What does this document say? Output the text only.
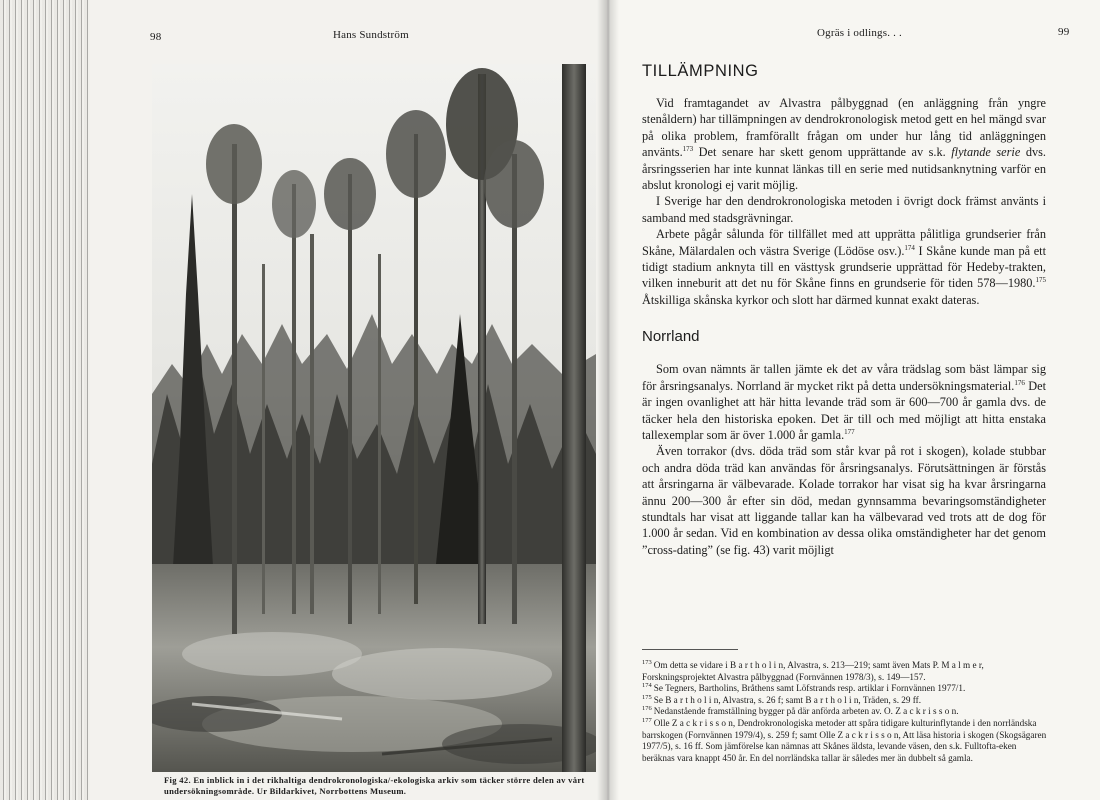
98	Hans Sundström
Fig 42. En inblick in i det rikhaltiga dendrokronologiska/-ekologiska arkiv som täcker större delen av vårt undersökningsområde. Ur Bildarkivet, Norrbottens Museum.
Ogräs i odlings. . .	99
TILLÄMPNING

Vid framtagandet av Alvastra pålbyggnad (en anläggning från yngre stenåldern) har tillämpningen av dendrokronologisk metod gett en hel mängd svar på olika problem, framförallt frågan om under hur lång tid anläggningen använts.$^{173}$ Det senare har skett genom upprättande av s.k. flytande serie dvs. årsringsserien har inte kunnat länkas till en serie med nutidsanknytning varför en abslut kronologi ej varit möjlig.

I Sverige har den dendrokronologiska metoden i övrigt dock främst använts i samband med stadsgrävningar.

Arbete pågår sålunda för tillfället med att upprätta pålitliga grundserier från Skåne, Mälardalen och västra Sverige (Lödöse osv.).$^{174}$ I Skåne kunde man på ett tidigt stadium anknyta till en västtysk grundserie upprättad för Hedeby-trakten, vilken inneburit att det nu för Skåne finns en grundserie för tiden 578—1980.$^{175}$ Åtskilliga skånska kyrkor och slott har därmed kunnat exakt dateras.

Norrland

Som ovan nämnts är tallen jämte ek det av våra trädslag som bäst lämpar sig för årsringsanalys. Norrland är mycket rikt på detta undersökningsmaterial.$^{176}$ Det är ingen ovanlighet att här hitta levande träd som är 600—700 år gamla dvs. de täcker hela den historiska epoken. Det är till och med möjligt att hitta enstaka tallexemplar som är över 1.000 år gamla.$^{177}$

Även torrakor (dvs. döda träd som står kvar på rot i skogen), kolade stubbar och andra döda träd kan användas för årsringsanalys. Förutsättningen är förstås att årsringarna är välbevarade. Kolade torrakor har visat sig ha kvar årsringarna ännu 200—300 år efter sin död, medan gynnsamma bevaringsomständigheter stundtals har visat att liggande tallar kan ha välbevarad ved trots att de dog för 1.000 år sedan. Vid en kombination av dessa olika omständigheter har det genom ”cross-dating” (se fig. 43) varit möjligt

$^{173}$ Om detta se vidare i B a r t h o l i n, Alvastra, s. 213—219; samt även Mats P. M a l m e r, Forskningsprojektet Alvastra pålbyggnad (Fornvännen 1978/3), s. 149—157.

$^{174}$ Se Tegners, Bartholins, Bråthens samt Löfstrands resp. artiklar i Fornvännen 1977/1.

$^{175}$ Se B a r t h o l i n, Alvastra, s. 26 f; samt B a r t h o l i n, Träden, s. 29 ff.

$^{176}$ Nedanstående framställning bygger på där anförda arbeten av. O. Z a c k r i s s o n.

$^{177}$ Olle Z a c k r i s s o n, Dendrokronologiska metoder att spåra tidigare kulturinflytande i den norrländska barrskogen (Fornvännen 1979/4), s. 259 f; samt Olle Z a c k r i s s o n, Att läsa historia i skogen (Skogsägaren 1977/5), s. 16 ff. Som jämförelse kan nämnas att Skånes äldsta, levande väsen, den s.k. Fulltofta-eken beräknas vara knappt 450 år. En del norrländska tallar är således mer än dubbelt så gamla.
